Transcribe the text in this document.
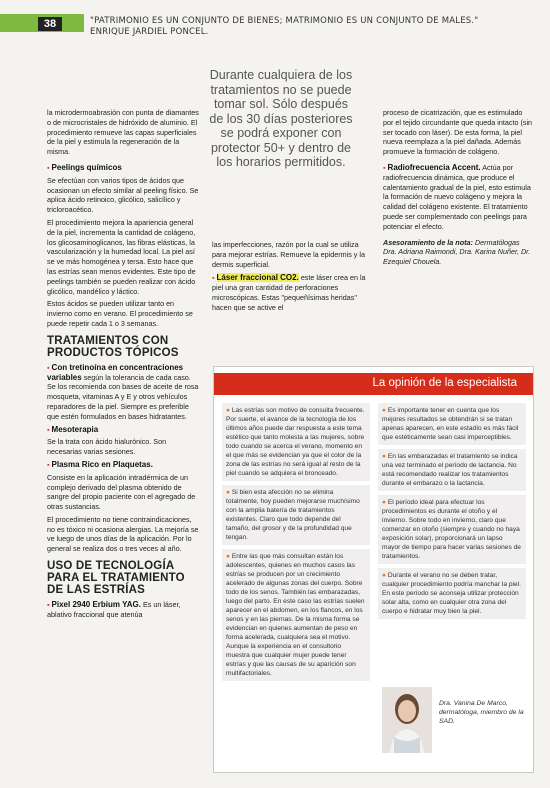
38	"PATRIMONIO ES UN CONJUNTO DE BIENES; MATRIMONIO ES UN CONJUNTO DE MALES." ENRIQUE JARDIEL PONCEL.

la microdermoabrasión con punta de diamantes o de microcristales de hidróxido de aluminio. El procedimiento remueve las capas superficiales de la piel y estimula la regeneración de la misma.

▪ Peelings químicos

Se efectúan con varios tipos de ácidos que ocasionan un efecto similar al peeling físico. Se aplica ácido retinoico, glicólico, salicílico y tricloroacético.

El procedimiento mejora la apariencia general de la piel, incrementa la cantidad de colágeno, los glicosaminoglicanos, las fibras elásticas, la vascularización y la humedad local. La piel así se ve más homogénea y tersa. Esto hace que las estrías sean menos evidentes. Este tipo de peelings también se pueden realizar con ácido glicólico, mandélico y láctico.

Estos ácidos se pueden utilizar tanto en invierno como en verano. El procedimiento se puede repetir cada 1 o 3 semanas.

TRATAMIENTOS CON PRODUCTOS TÓPICOS

▪ Con tretinoína en concentraciones variables según la tolerancia de cada caso. Se los recomienda con bases de aceite de rosa mosqueta, vitaminas A y E y otros vehículos reparadores de la piel. Siempre es preferible que estén formulados en bases hidratantes.

▪ Mesoterapia

Se la trata con ácido hialurónico. Son necesarias varias sesiones.

▪ Plasma Rico en Plaquetas.

Consiste en la aplicación intradérmica de un complejo derivado del plasma obtenido de sangre del propio paciente con el agregado de otras sustancias.

El procedimiento no tiene contraindicaciones, no es tóxico ni ocasiona alergias. La mejoría se ve luego de unos días de la aplicación. Por lo general se realiza dos o tres veces al año.

USO DE TECNOLOGÍA PARA EL TRATAMIENTO DE LAS ESTRÍAS

▪ Pixel 2940 Erbium YAG. Es un láser, ablativo fraccional que atenúa

Durante cualquiera de los tratamientos no se puede tomar sol. Sólo después de los 30 días posteriores se podrá exponer con protector 50+ y dentro de los horarios permitidos.

las imperfecciones, razón por la cual se utiliza para mejorar estrías. Remueve la epidermis y la dermis superficial.

▪ Láser fraccional CO2. este láser crea en la piel una gran cantidad de perforaciones microscópicas. Estas "pequeñísimas heridas" hacen que se active el

proceso de cicatrización, que es estimulado por el tejido circundante que queda intacto (sin ser tocado con láser). De esta forma, la piel nueva reemplaza a la piel dañada. Además promueve la formación de colágeno.

▪ Radiofrecuencia Accent. Actúa por radiofrecuencia dinámica, que produce el calentamiento gradual de la piel, esto estimula la formación de nuevo colágeno y mejora la calidad del colágeno existente. El tratamiento puede ser complementado con peelings para potenciar el efecto.

Asesoramiento de la nota: Dermatólogas Dra. Adriana Raimondi, Dra. Karina Nuñer, Dr. Ezequiel Chouela.

La opinión de la especialista
● Las estrías son motivo de consulta frecuente. Por suerte, el avance de la tecnología de los últimos años puede dar respuesta a este tema estético que tanto molesta a las mujeres, sobre todo cuando se acerca el verano, momento en el que más se evidencian ya que el color de la zona de las estrías no será igual al resto de la piel cuando se adquiera el bronceado.
● Si bien esta afección no se elimina totalmente, hoy pueden mejorarse muchísimo con la amplia batería de tratamientos existentes. Claro que todo depende del tamaño, del grosor y de la profundidad que tengan.
● Entre las que más consultan están los adolescentes, quienes en muchos casos las estrías se producen por un crecimiento acelerado de algunas zonas del cuerpo. Sobre todo de los senos. También las embarazadas, luego del parto. En este caso las estrías suelen aparecer en el abdomen, en los flancos, en los senos y en las piernas. De la misma forma se evidencian en quienes aumentan de peso en forma acelerada, cualquiera sea el motivo. Aunque la experiencia en el consultorio muestra que cualquier mujer puede tener estrías y que las causas de su aparición son multifactoriales.
● Es importante tener en cuenta que los mejores resultados se obtendrán si se tratan apenas aparecen, en este estadío es más fácil que estéticamente sean casi imperceptibles.
● En las embarazadas el tratamiento se indica una vez terminado el período de lactancia. No está recomendado realizar los tratamientos durante el embarazo o la lactancia.
● El período ideal para efectuar los procedimientos es durante el otoño y el invierno. Sobre todo en invierno, claro que comenzar en otoño (siempre y cuando no haya exposición solar), proporcionará un lapso mayor de tiempo para hacer varias sesiones de tratamientos.
● Durante el verano no se deben tratar, cualquier procedimiento podría manchar la piel. En este período se aconseja utilizar protección solar alta, como en cualquier otra zona del cuerpo e hidratar muy bien la piel.
Dra. Vanina De Marco, dermatóloga, miembro de la SAD.
